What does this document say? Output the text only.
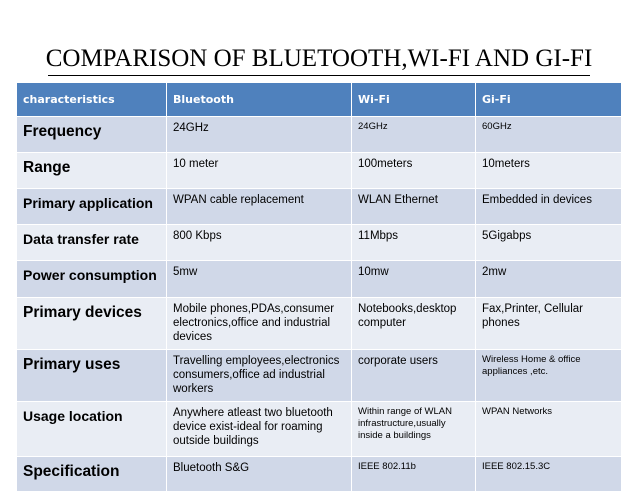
COMPARISON OF BLUETOOTH,WI-FI AND GI-FI
characteristics	Bluetooth	Wi-Fi	Gi-Fi
Frequency	24GHz	24GHz	60GHz
Range	10 meter	100meters	10meters
Primary application	WPAN cable replacement	WLAN Ethernet	Embedded in devices
Data transfer rate	800 Kbps	11Mbps	5Gigabps
Power consumption	5mw	10mw	2mw
Primary devices	Mobile phones,PDAs,consumer electronics,office and industrial devices	Notebooks,desktop computer	Fax,Printer, Cellular phones
Primary uses	Travelling employees,electronics consumers,office ad industrial workers	corporate users	Wireless Home & office appliances ,etc.
Usage location	Anywhere atleast two bluetooth device exist-ideal for roaming outside buildings	Within range of WLAN infrastructure,usually inside a buildings	WPAN Networks
Specification	Bluetooth S&G	IEEE 802.11b	IEEE 802.15.3C
